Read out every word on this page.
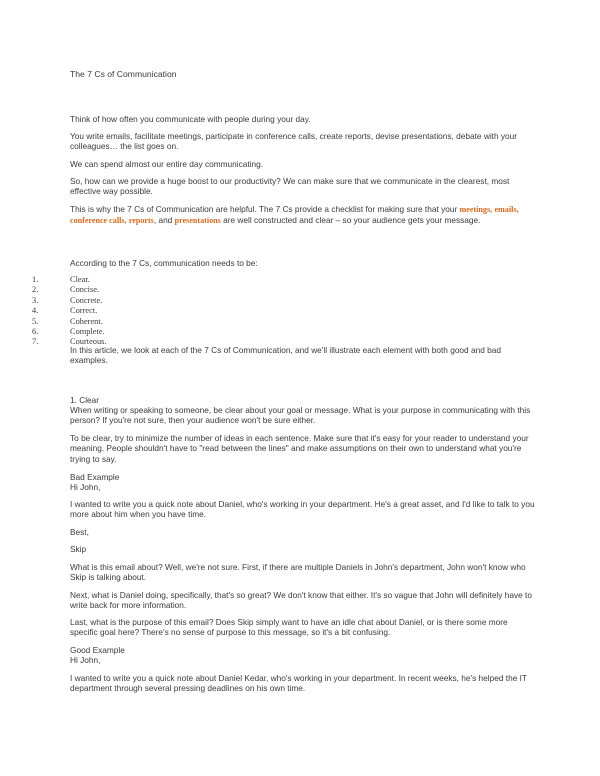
The 7 Cs of Communication

Think of how often you communicate with people during your day.

You write emails, facilitate meetings, participate in conference calls, create reports, devise presentations, debate with your colleagues… the list goes on.

We can spend almost our entire day communicating.

So, how can we provide a huge boost to our productivity? We can make sure that we communicate in the clearest, most effective way possible.

This is why the 7 Cs of Communication are helpful. The 7 Cs provide a checklist for making sure that your meetings, emails, conference calls, reports, and presentations are well constructed and clear – so your audience gets your message.

According to the 7 Cs, communication needs to be:

1.	Clear.
2.	Concise.
3.	Concrete.
4.	Correct.
5.	Coherent.
6.	Complete.
7.	Courteous.

In this article, we look at each of the 7 Cs of Communication, and we'll illustrate each element with both good and bad examples.

1. Clear

When writing or speaking to someone, be clear about your goal or message. What is your purpose in communicating with this person? If you're not sure, then your audience won't be sure either.

To be clear, try to minimize the number of ideas in each sentence. Make sure that it's easy for your reader to understand your meaning. People shouldn't have to "read between the lines" and make assumptions on their own to understand what you're trying to say.

Bad Example
Hi John,

I wanted to write you a quick note about Daniel, who's working in your department. He's a great asset, and I'd like to talk to you more about him when you have time.

Best,
Skip

What is this email about? Well, we're not sure. First, if there are multiple Daniels in John's department, John won't know who Skip is talking about.

Next, what is Daniel doing, specifically, that's so great? We don't know that either. It's so vague that John will definitely have to write back for more information.

Last, what is the purpose of this email? Does Skip simply want to have an idle chat about Daniel, or is there some more specific goal here? There's no sense of purpose to this message, so it's a bit confusing.

Good Example
Hi John,

I wanted to write you a quick note about Daniel Kedar, who's working in your department. In recent weeks, he's helped the IT department through several pressing deadlines on his own time.
